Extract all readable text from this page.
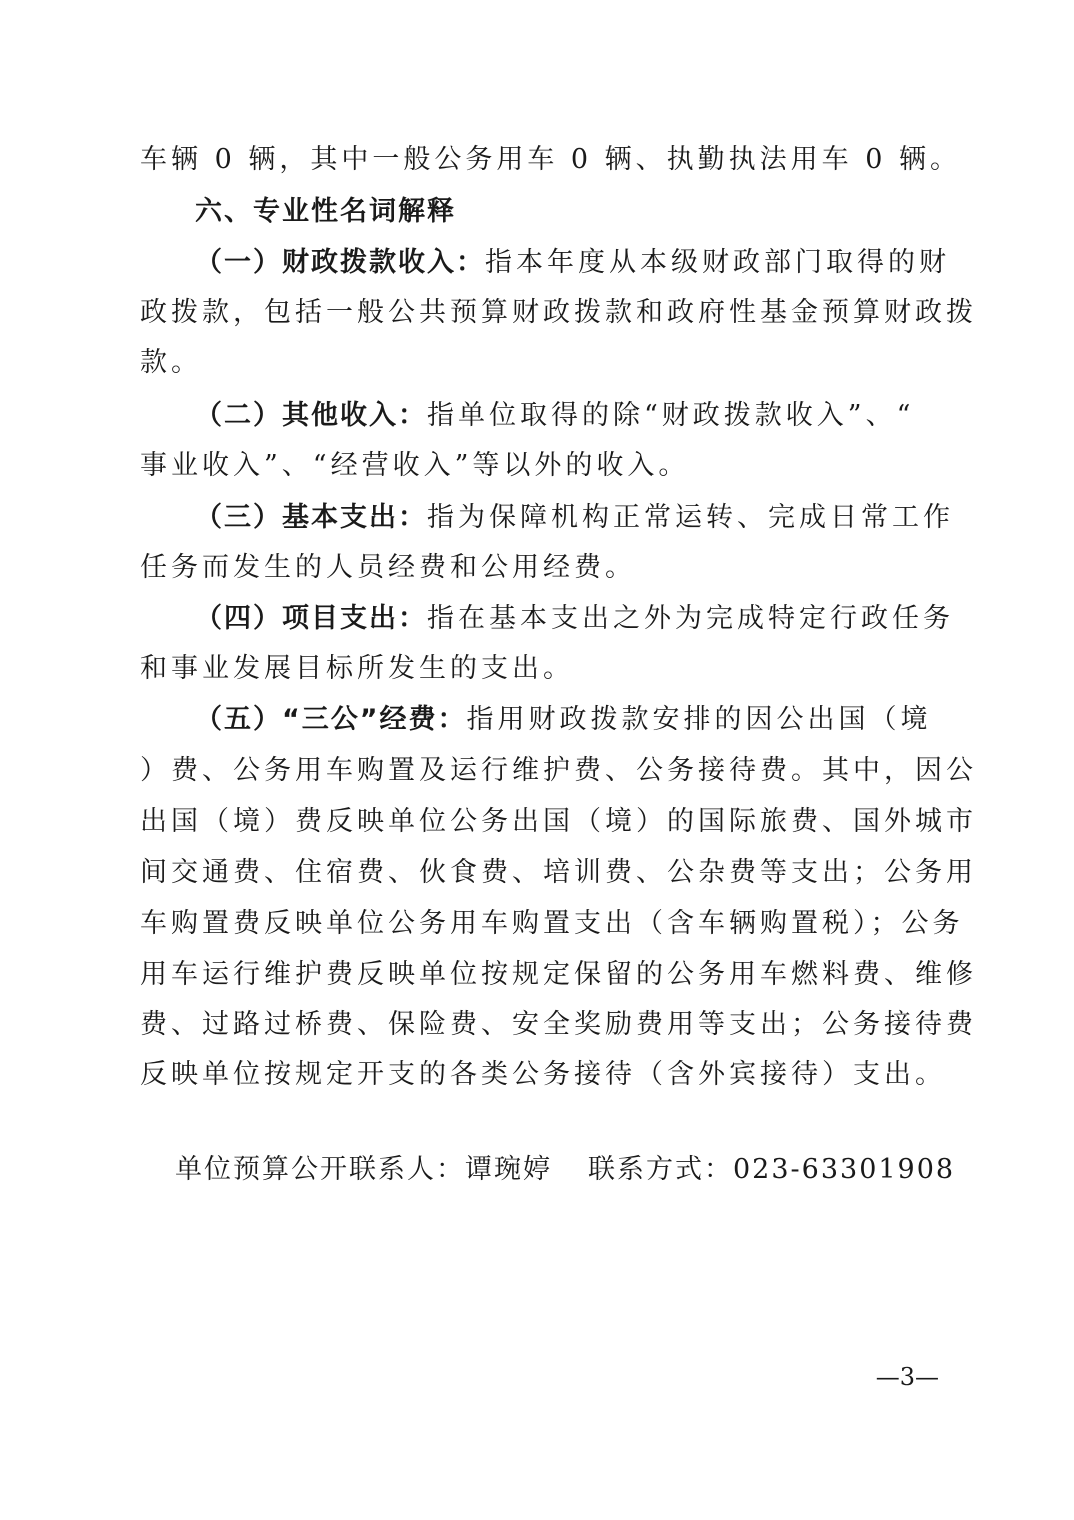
车辆 0 辆，其中一般公务用车 0 辆、执勤执法用车 0 辆。
六、专业性名词解释
（一）财政拨款收入：指本年度从本级财政部门取得的财
政拨款，包括一般公共预算财政拨款和政府性基金预算财政拨
款。
（二）其他收入：指单位取得的除“财政拨款收入”、“
事业收入”、“经营收入”等以外的收入。
（三）基本支出：指为保障机构正常运转、完成日常工作
任务而发生的人员经费和公用经费。
（四）项目支出：指在基本支出之外为完成特定行政任务
和事业发展目标所发生的支出。
（五）“三公”经费：指用财政拨款安排的因公出国（境
）费、公务用车购置及运行维护费、公务接待费。其中，因公
出国（境）费反映单位公务出国（境）的国际旅费、国外城市
间交通费、住宿费、伙食费、培训费、公杂费等支出；公务用
车购置费反映单位公务用车购置支出（含车辆购置税）；公务
用车运行维护费反映单位按规定保留的公务用车燃料费、维修
费、过路过桥费、保险费、安全奖励费用等支出；公务接待费
反映单位按规定开支的各类公务接待（含外宾接待）支出。
单位预算公开联系人：谭琬婷 联系方式：023-63301908
—3—
